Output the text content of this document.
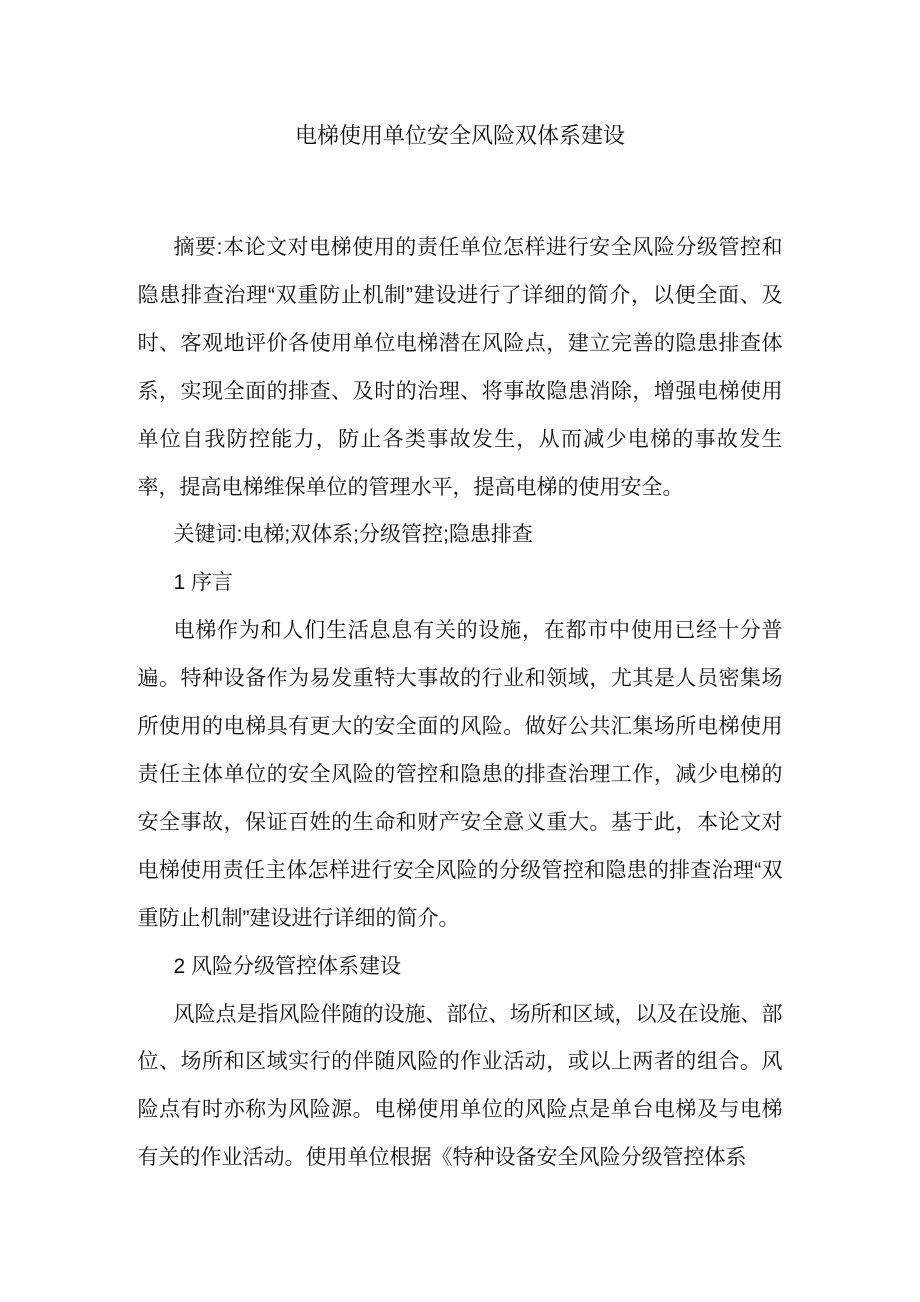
电梯使用单位安全风险双体系建设

摘要:本论文对电梯使用的责任单位怎样进行安全风险分级管控和隐患排查治理“双重防止机制”建设进行了详细的简介，以便全面、及时、客观地评价各使用单位电梯潜在风险点，建立完善的隐患排查体系，实现全面的排查、及时的治理、将事故隐患消除，增强电梯使用单位自我防控能力，防止各类事故发生，从而减少电梯的事故发生率，提高电梯维保单位的管理水平，提高电梯的使用安全。

关键词:电梯;双体系;分级管控;隐患排查

1 序言

电梯作为和人们生活息息有关的设施，在都市中使用已经十分普遍。特种设备作为易发重特大事故的行业和领域，尤其是人员密集场所使用的电梯具有更大的安全面的风险。做好公共汇集场所电梯使用责任主体单位的安全风险的管控和隐患的排查治理工作，减少电梯的安全事故，保证百姓的生命和财产安全意义重大。基于此，本论文对电梯使用责任主体怎样进行安全风险的分级管控和隐患的排查治理“双重防止机制”建设进行详细的简介。

2 风险分级管控体系建设

风险点是指风险伴随的设施、部位、场所和区域，以及在设施、部位、场所和区域实行的伴随风险的作业活动，或以上两者的组合。风险点有时亦称为风险源。电梯使用单位的风险点是单台电梯及与电梯有关的作业活动。使用单位根据《特种设备安全风险分级管控体系
